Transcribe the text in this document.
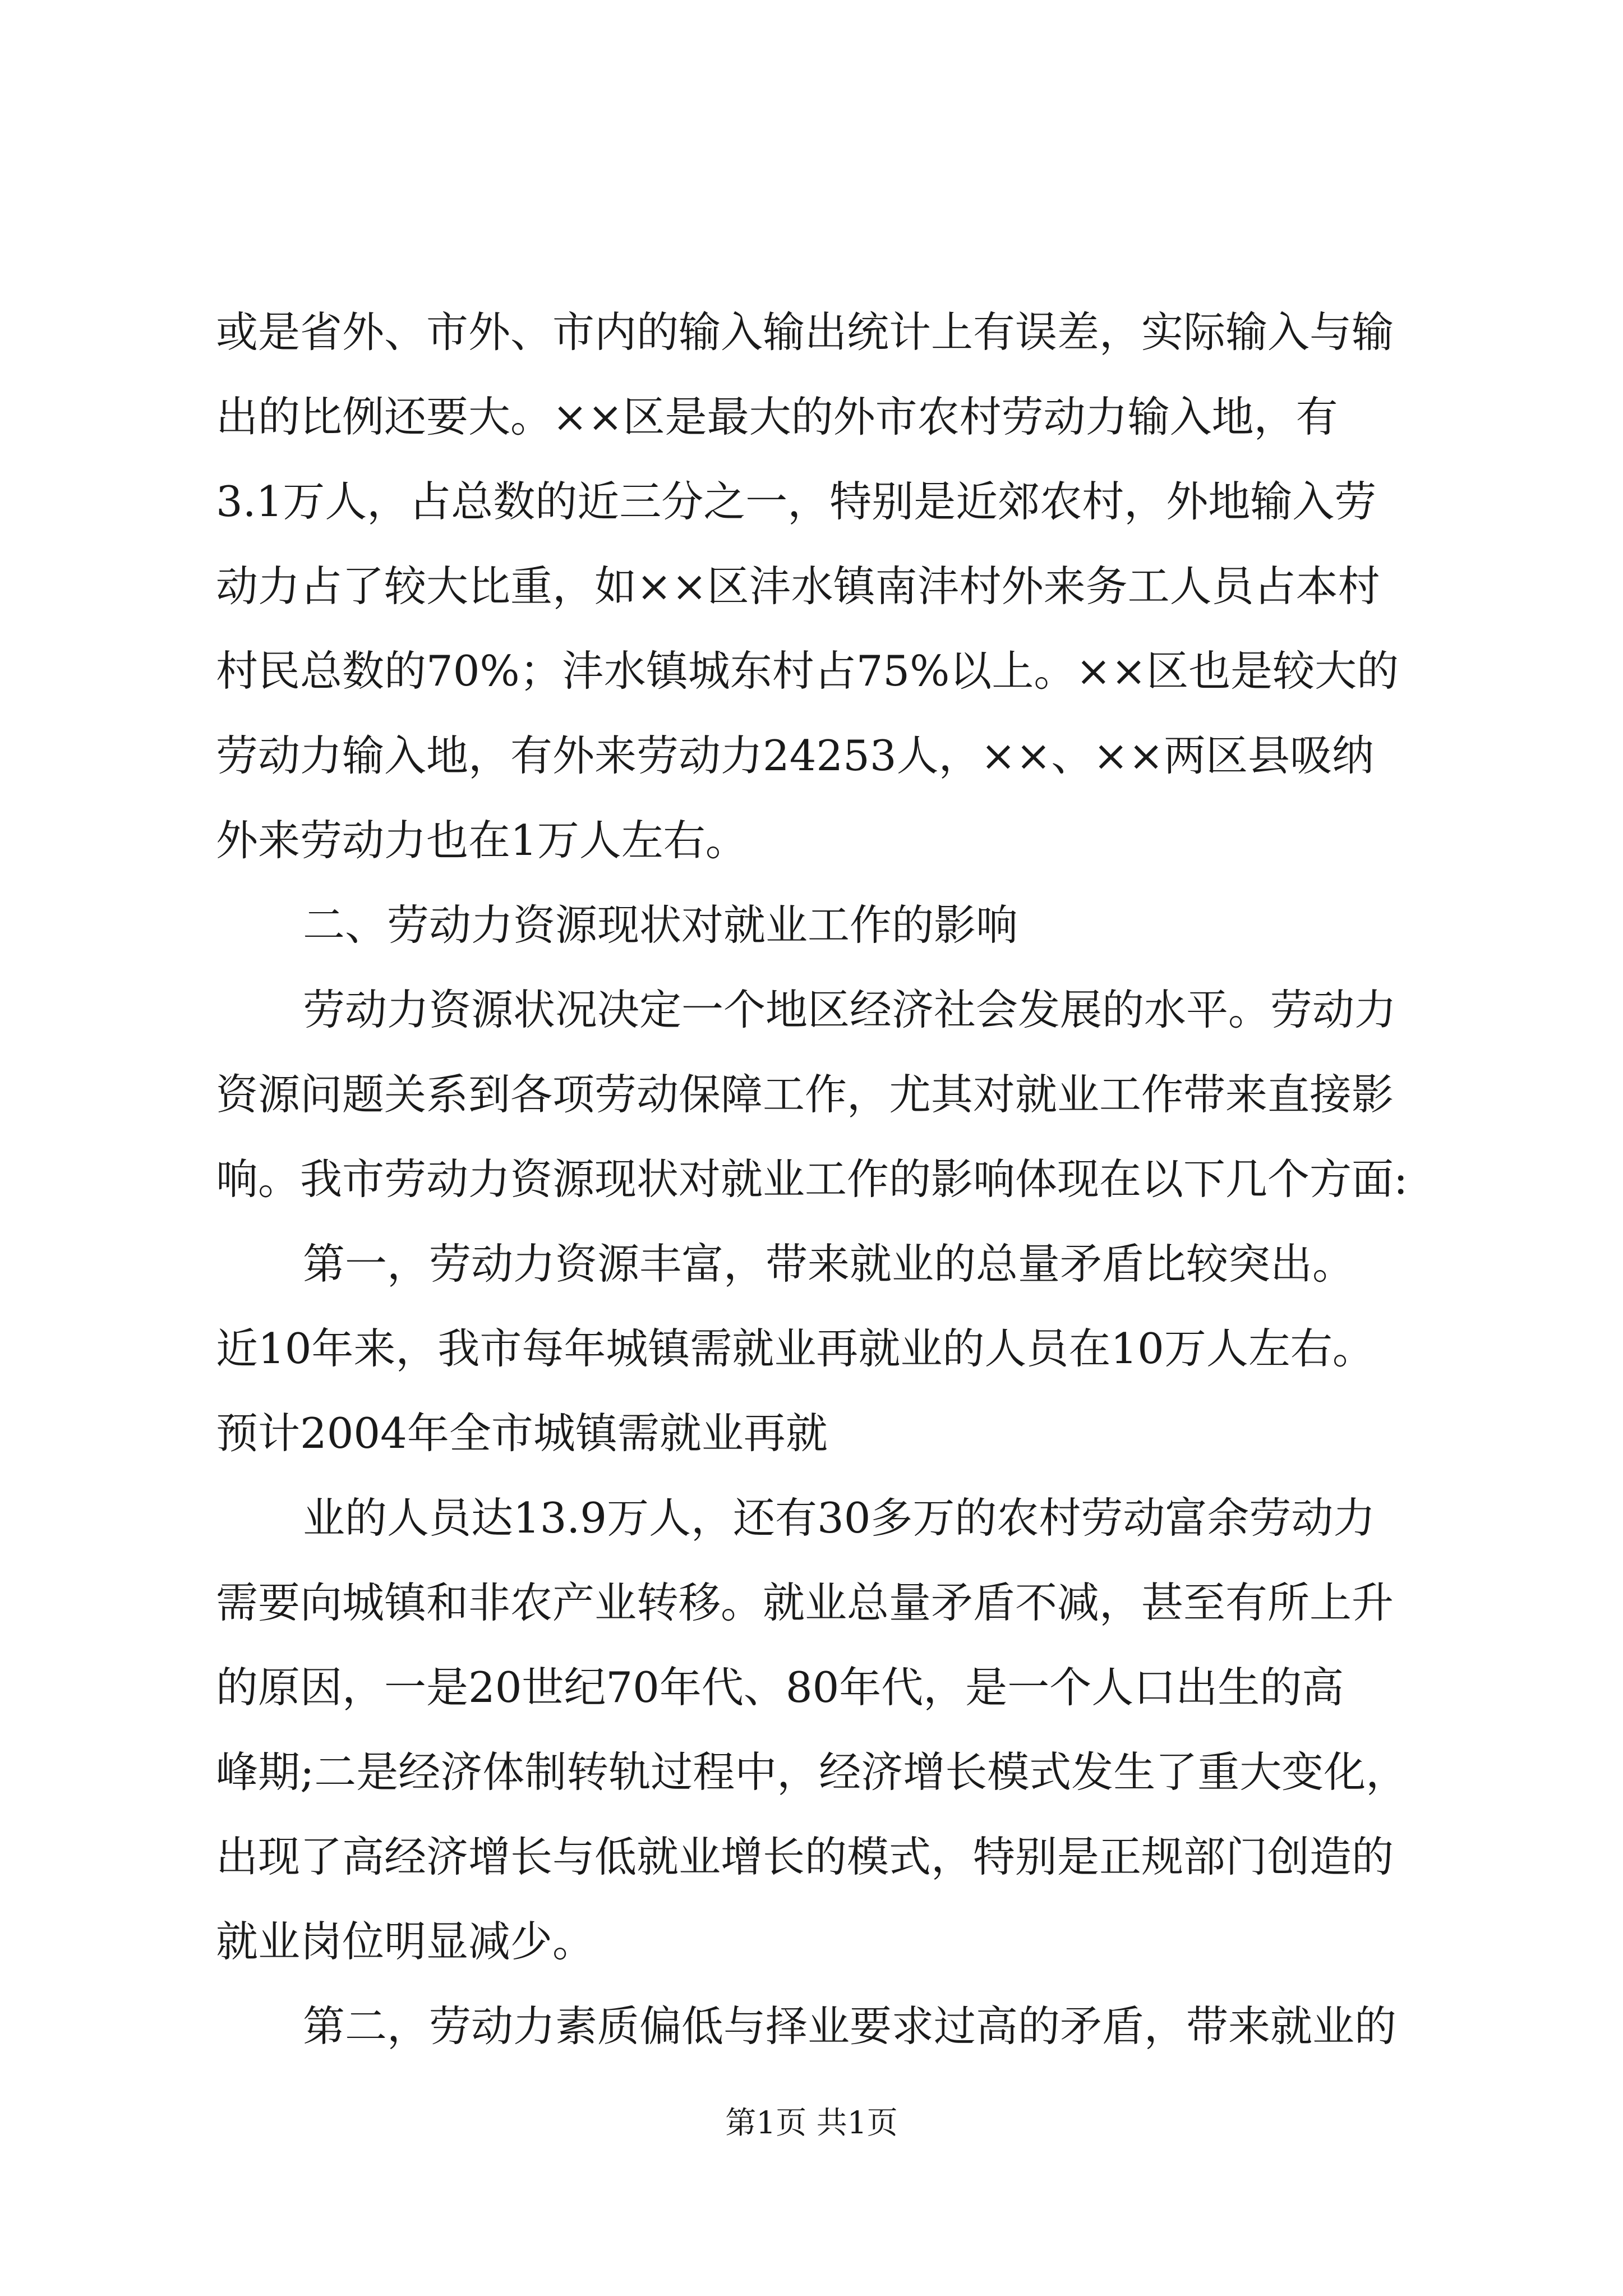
或是省外、市外、市内的输入输出统计上有误差，实际输入与输
出的比例还要大。××区是最大的外市农村劳动力输入地，有
3.1万人，占总数的近三分之一，特别是近郊农村，外地输入劳
动力占了较大比重，如××区沣水镇南沣村外来务工人员占本村
村民总数的70%；沣水镇城东村占75%以上。××区也是较大的
劳动力输入地，有外来劳动力24253人，××、××两区县吸纳
外来劳动力也在1万人左右。
二、劳动力资源现状对就业工作的影响
劳动力资源状况决定一个地区经济社会发展的水平。劳动力
资源问题关系到各项劳动保障工作，尤其对就业工作带来直接影
响。我市劳动力资源现状对就业工作的影响体现在以下几个方面:
第一，劳动力资源丰富，带来就业的总量矛盾比较突出。
近10年来，我市每年城镇需就业再就业的人员在10万人左右。
预计2004年全市城镇需就业再就
业的人员达13.9万人，还有30多万的农村劳动富余劳动力
需要向城镇和非农产业转移。就业总量矛盾不减，甚至有所上升
的原因，一是20世纪70年代、80年代，是一个人口出生的高
峰期;二是经济体制转轨过程中，经济增长模式发生了重大变化，
出现了高经济增长与低就业增长的模式，特别是正规部门创造的
就业岗位明显减少。
第二，劳动力素质偏低与择业要求过高的矛盾，带来就业的
第1页 共1页
